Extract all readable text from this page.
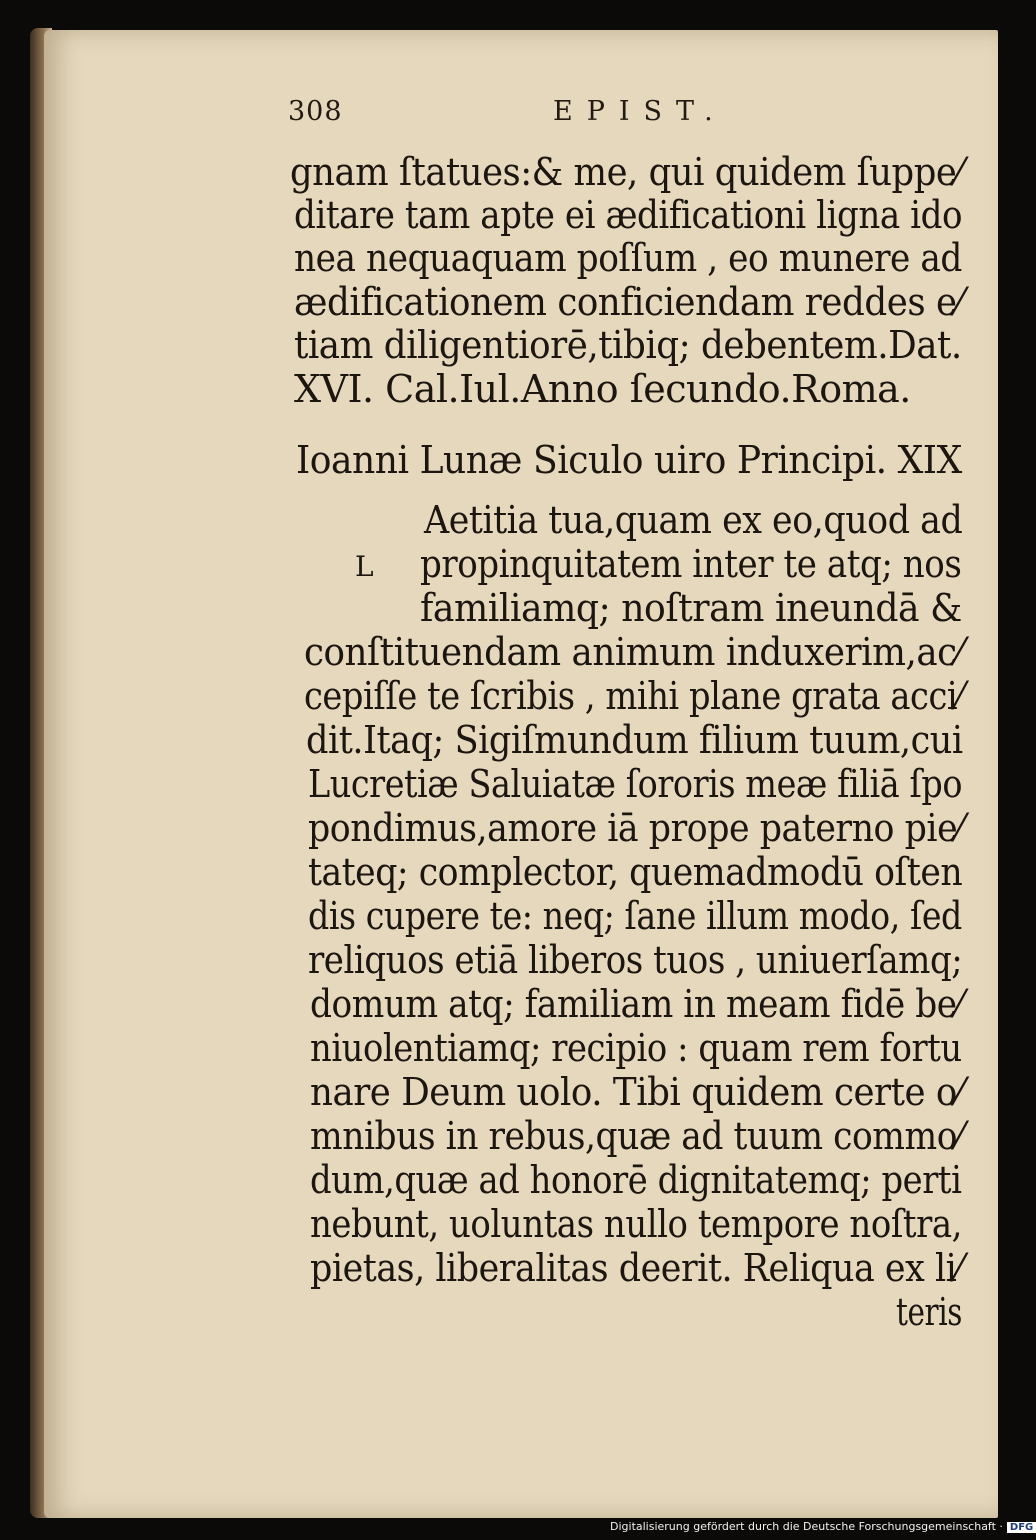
308	EPIST.
gnam ſtatues:& me, qui quidem ſuppe⁄
ditare tam apte ei ædificationi ligna ido
nea nequaquam poſſum , eo munere ad
ædificationem conficiendam reddes e⁄
tiam diligentiorē,tibiq; debentem.Dat.
XVI. Cal.Iul.Anno ſecundo.Roma.
Ioanni Lunæ Siculo uiro Principi. XIX
L
Aetitia tua,quam ex eo,quod ad
propinquitatem inter te atq; nos
familiamq; noſtram ineundā &
conſtituendam animum induxerim,ac⁄
cepiſſe te ſcribis , mihi plane grata acci⁄
dit.Itaq; Sigiſmundum filium tuum,cui
Lucretiæ Saluiatæ ſororis meæ filiā ſpo
pondimus,amore iā prope paterno pie⁄
tateq; complector, quemadmodū oſten
dis cupere te: neq; ſane illum modo, ſed
reliquos etiā liberos tuos , uniuerſamq;
domum atq; familiam in meam fidē be⁄
niuolentiamq; recipio : quam rem fortu
nare Deum uolo. Tibi quidem certe o⁄
mnibus in rebus,quæ ad tuum commo⁄
dum,quæ ad honorē dignitatemq; perti
nebunt, uoluntas nullo tempore noſtra,
pietas, liberalitas deerit. Reliqua ex li⁄
teris
Digitalisierung gefördert durch die Deutsche Forschungsgemeinschaft · DFG
